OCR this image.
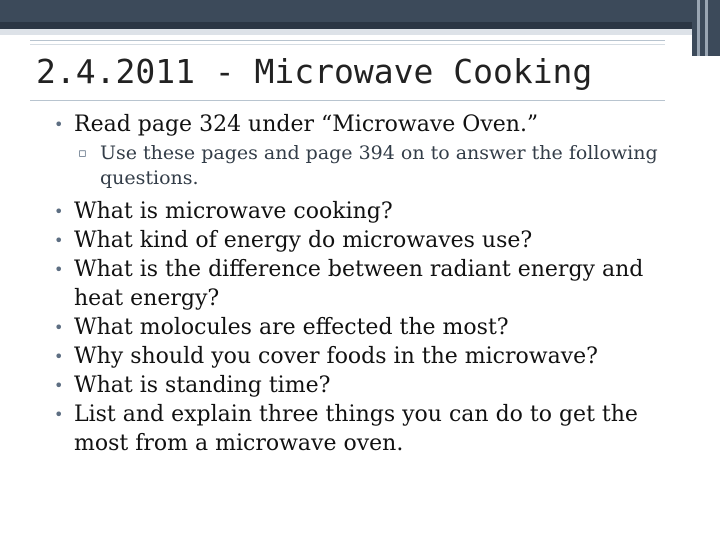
2.4.2011 - Microwave Cooking
• Read page 324 under “Microwave Oven.”
▫ Use these pages and page 394 on to answer the following questions.
• What is microwave cooking?
• What kind of energy do microwaves use?
• What is the difference between radiant energy and heat energy?
• What molocules are effected the most?
• Why should you cover foods in the microwave?
• What is standing time?
• List and explain three things you can do to get the most from a microwave oven.
